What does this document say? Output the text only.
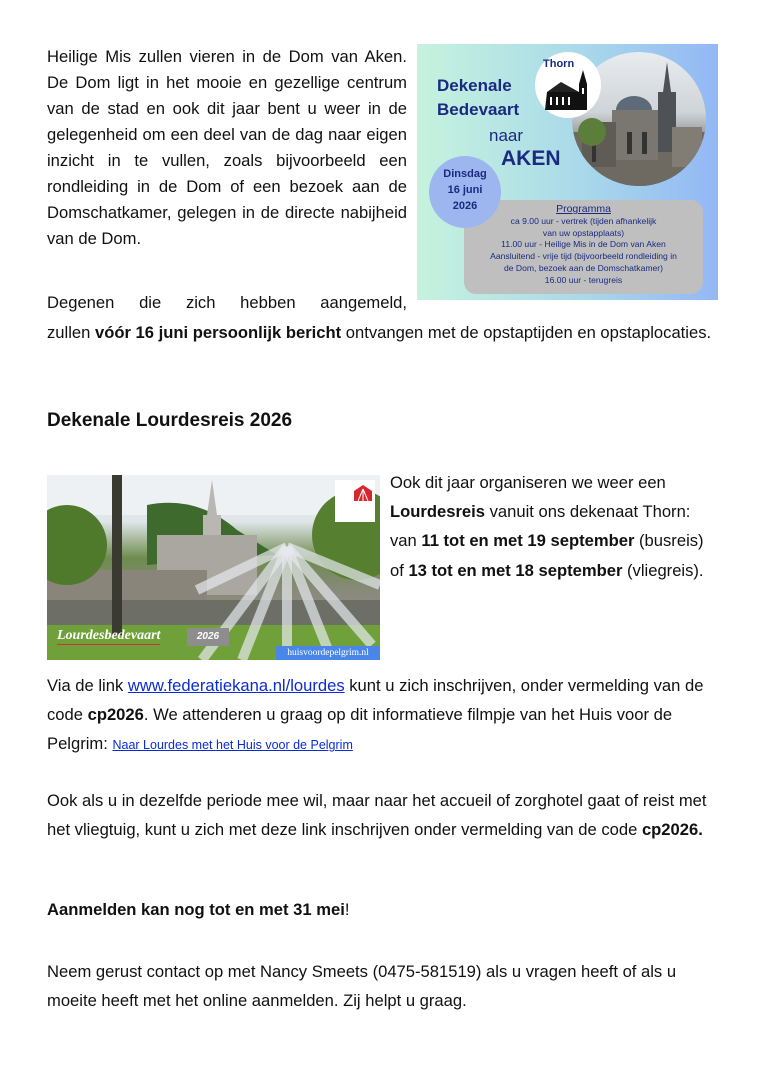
Thorn
Dekenale
Bedevaart
naar
AKEN
Dinsdag
16 juni
2026	Programma
ca 9.00 uur - vertrek (tijden afhankelijk
van uw opstapplaats)
11.00 uur - Heilige Mis in de Dom van Aken
Aansluitend - vrije tijd (bijvoorbeeld rondleiding in
de Dom, bezoek aan de Domschatkamer)
16.00 uur - terugreis

Heilige Mis zullen vieren in de Dom van Aken. De Dom ligt in het mooie en gezellige centrum van de stad en ook dit jaar bent u weer in de gelegenheid om een deel van de dag naar eigen inzicht in te vullen, zoals bijvoorbeeld een rondleiding in de Dom of een bezoek aan de Domschatkamer, gelegen in de directe nabijheid van de Dom.

Degenen die zich hebben aangemeld,
zullen vóór 16 juni persoonlijk bericht ontvangen met de opstaptijden en opstaplocaties.

Dekenale Lourdesreis 2026
Lourdesbedevaart	2026
huisvoordepelgrim.nl

Ook dit jaar organiseren we weer een Lourdesreis vanuit ons dekenaat Thorn: van 11 tot en met 19 september (busreis) of 13 tot en met 18 september (vliegreis).

Via de link www.federatiekana.nl/lourdes kunt u zich inschrijven, onder vermelding van de code cp2026. We attenderen u graag op dit informatieve filmpje van het Huis voor de Pelgrim: Naar Lourdes met het Huis voor de Pelgrim

Ook als u in dezelfde periode mee wil, maar naar het accueil of zorghotel gaat of reist met het vliegtuig, kunt u zich met deze link inschrijven onder vermelding van de code cp2026.

Aanmelden kan nog tot en met 31 mei!

Neem gerust contact op met Nancy Smeets (0475-581519) als u vragen heeft of als u moeite heeft met het online aanmelden. Zij helpt u graag.
